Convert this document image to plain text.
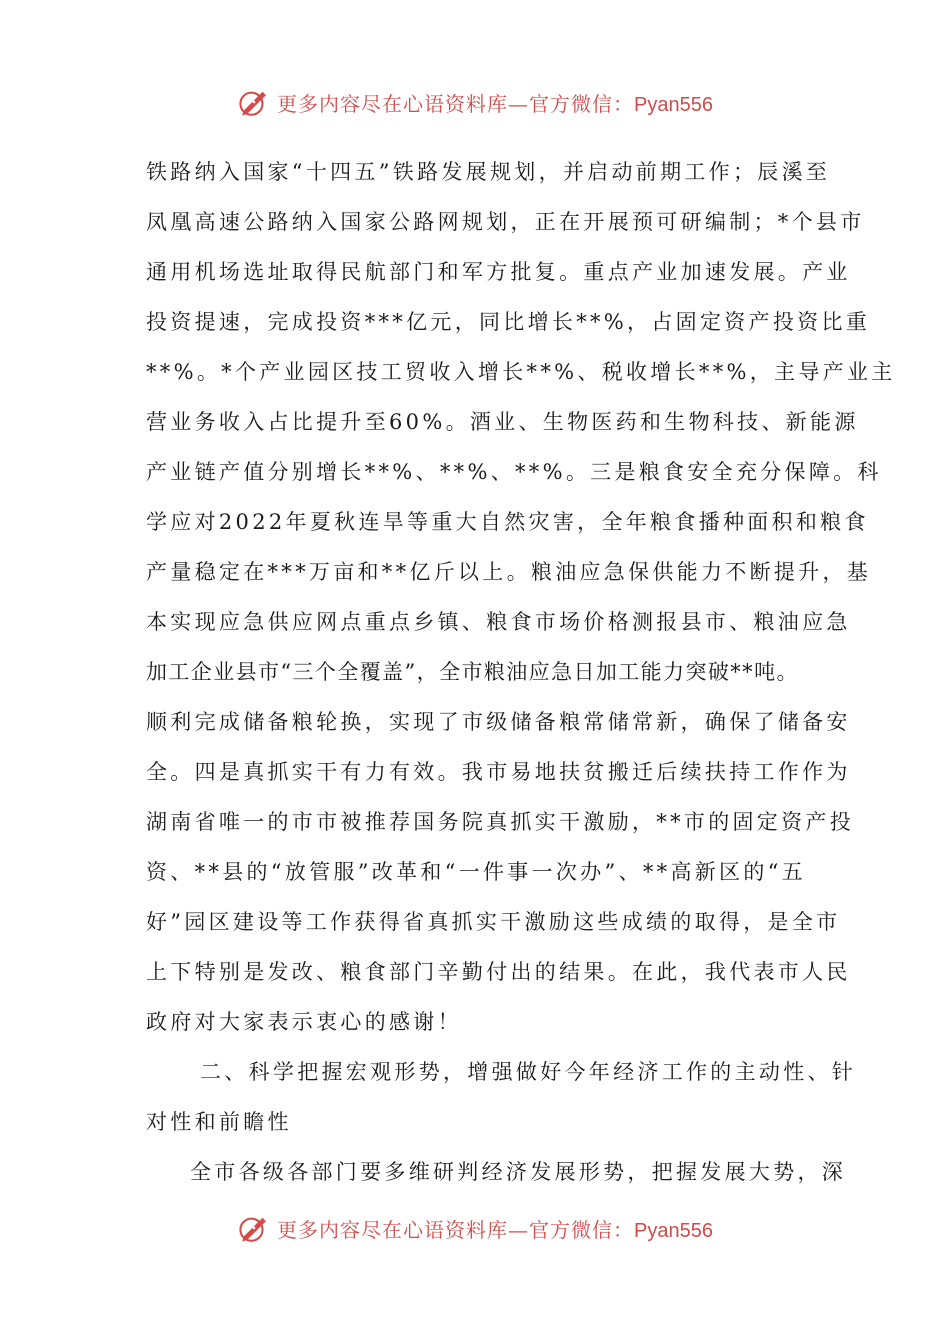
更多内容尽在心语资料库—官方微信：Pyan556
铁路纳入国家“十四五”铁路发展规划，并启动前期工作；辰溪至
凤凰高速公路纳入国家公路网规划，正在开展预可研编制；*个县市
通用机场选址取得民航部门和军方批复。重点产业加速发展。产业
投资提速，完成投资***亿元，同比增长**%，占固定资产投资比重
**%。*个产业园区技工贸收入增长**%、税收增长**%，主导产业主
营业务收入占比提升至60%。酒业、生物医药和生物科技、新能源
产业链产值分别增长**%、**%、**%。三是粮食安全充分保障。科
学应对2022年夏秋连旱等重大自然灾害，全年粮食播种面积和粮食
产量稳定在***万亩和**亿斤以上。粮油应急保供能力不断提升，基
本实现应急供应网点重点乡镇、粮食市场价格测报县市、粮油应急
加工企业县市“三个全覆盖”，全市粮油应急日加工能力突破**吨。
顺利完成储备粮轮换，实现了市级储备粮常储常新，确保了储备安
全。四是真抓实干有力有效。我市易地扶贫搬迁后续扶持工作作为
湖南省唯一的市市被推荐国务院真抓实干激励，**市的固定资产投
资、**县的“放管服”改革和“一件事一次办”、**高新区的“五
好”园区建设等工作获得省真抓实干激励这些成绩的取得，是全市
上下特别是发改、粮食部门辛勤付出的结果。在此，我代表市人民
政府对大家表示衷心的感谢！
二、科学把握宏观形势，增强做好今年经济工作的主动性、针
对性和前瞻性
全市各级各部门要多维研判经济发展形势，把握发展大势，深
更多内容尽在心语资料库—官方微信：Pyan556
